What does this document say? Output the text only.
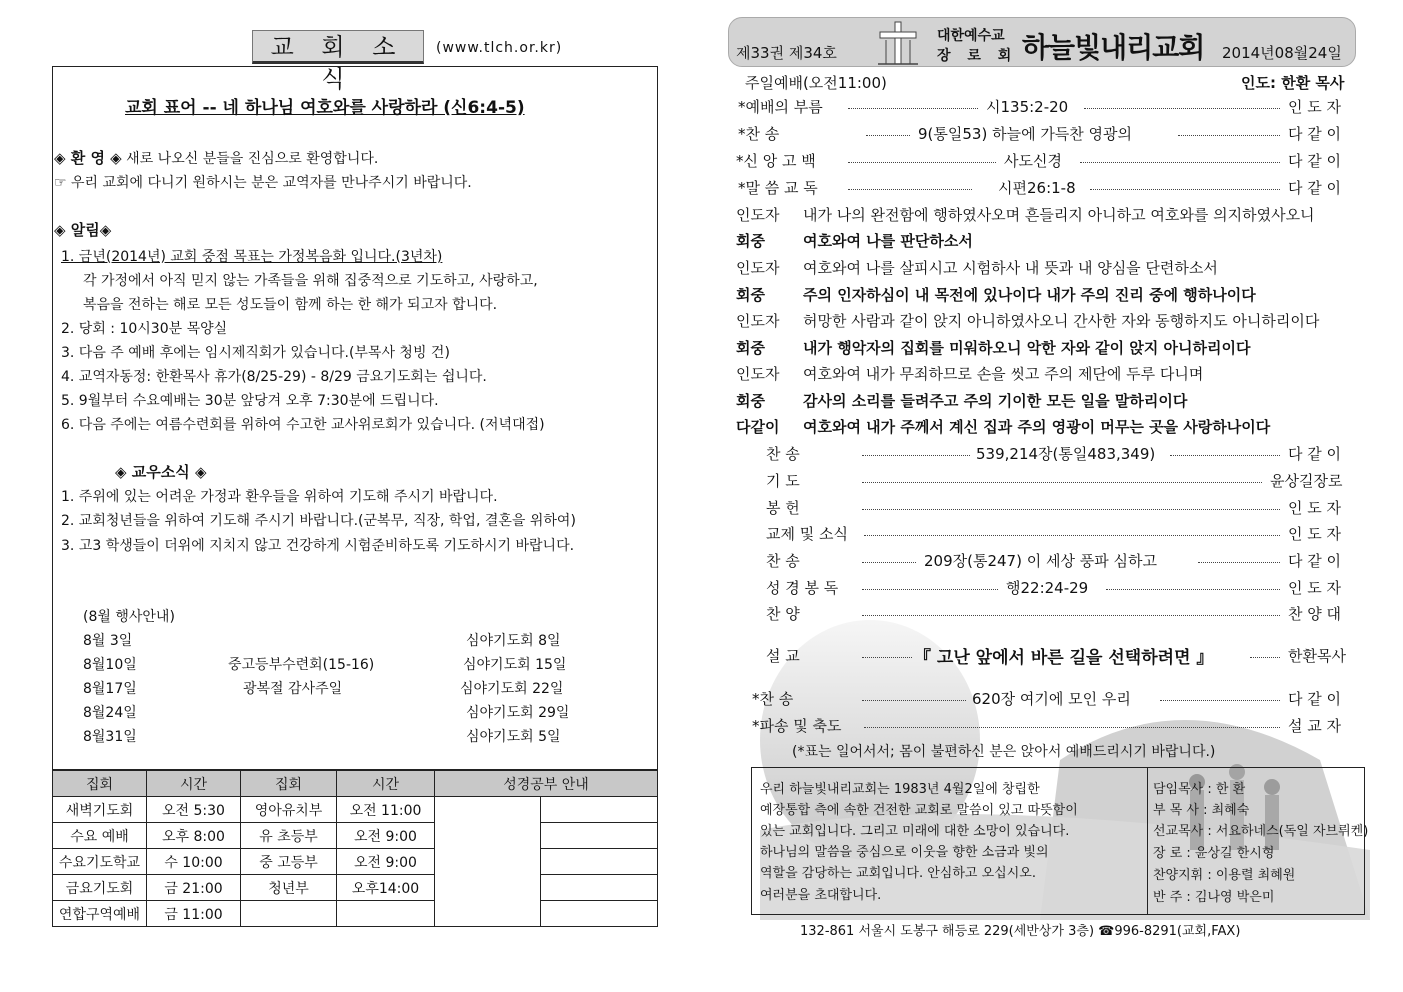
교 회 소 식
(www.tlch.or.kr)
교회 표어 -- 네 하나님 여호와를 사랑하라 (신6:4-5)
◈ 환 영 ◈ 새로 나오신 분들을 진심으로 환영합니다.
☞ 우리 교회에 다니기 원하시는 분은 교역자를 만나주시기 바랍니다.
◈ 알림◈
1. 금년(2014년) 교회 중점 목표는 가정복음화 입니다.(3년차)
각 가정에서 아직 믿지 않는 가족들을 위해 집중적으로 기도하고, 사랑하고,
복음을 전하는 해로 모든 성도들이 함께 하는 한 해가 되고자 합니다.
2. 당회 : 10시30분 목양실
3. 다음 주 예배 후에는 임시제직회가 있습니다.(부목사 청빙 건)
4. 교역자동정: 한환목사 휴가(8/25-29) - 8/29 금요기도회는 쉽니다.
5. 9월부터 수요예배는 30분 앞당겨 오후 7:30분에 드립니다.
6. 다음 주에는 여름수련회를 위하여 수고한 교사위로회가 있습니다. (저녁대접)
◈ 교우소식 ◈
1. 주위에 있는 어려운 가정과 환우들을 위하여 기도해 주시기 바랍니다.
2. 교회청년들을 위하여 기도해 주시기 바랍니다.(군복무, 직장, 학업, 결혼을 위하여)
3. 고3 학생들이 더위에 지치지 않고 건강하게 시험준비하도록 기도하시기 바랍니다.
(8월 행사안내)
8월 3일	심야기도회 8일
8월10일	중고등부수련회(15-16)	심야기도회 15일
8월17일	광복절 감사주일	심야기도회 22일
8월24일	심야기도회 29일
8월31일	심야기도회 5일
집회	시간	집회	시간	성경공부 안내	
새벽기도회	오전 5:30	영아유치부	오전 11:00		
수요 예배	오후 8:00	유 초등부	오전 9:00		
수요기도학교	수 10:00	중 고등부	오전 9:00		
금요기도회	금 21:00	청년부	오후14:00		
연합구역예배	금 11:00				
제33권 제34호
대한예수교
장 로 회 하늘빛내리교회 2014년08월24일
주일예배(오전11:00)	인도: 한환 목사
*예배의 부름	시135:2-20	인 도 자
*찬 송	9(통일53) 하늘에 가득찬 영광의	다 같 이
*신 앙 고 백	사도신경	다 같 이
*말 씀 교 독	시편26:1-8	다 같 이
인도자 내가 나의 완전함에 행하였사오며 흔들리지 아니하고 여호와를 의지하였사오니
회중	여호와여 나를 판단하소서
인도자 여호와여 나를 살피시고 시험하사 내 뜻과 내 양심을 단련하소서
회중	주의 인자하심이 내 목전에 있나이다 내가 주의 진리 중에 행하나이다
인도자 허망한 사람과 같이 앉지 아니하였사오니 간사한 자와 동행하지도 아니하리이다
회중	내가 행악자의 집회를 미워하오니 악한 자와 같이 앉지 아니하리이다
인도자 여호와여 내가 무죄하므로 손을 씻고 주의 제단에 두루 다니며
회중	감사의 소리를 들려주고 주의 기이한 모든 일을 말하리이다
다같이 여호와여 내가 주께서 계신 집과 주의 영광이 머무는 곳을 사랑하나이다
찬 송	539,214장(통일483,349)	다 같 이
기 도	윤상길장로
봉 헌	인 도 자
교제 및 소식	인 도 자
찬 송	209장(통247) 이 세상 풍파 심하고	다 같 이
성 경 봉 독	행22:24-29	인 도 자
찬 양	찬 양 대
설 교	『 고난 앞에서 바른 길을 선택하려면 』	한환목사
*찬 송	620장 여기에 모인 우리	다 같 이
*파송 및 축도	설 교 자
(*표는 일어서서; 몸이 불편하신 분은 앉아서 예배드리시기 바랍니다.)
우리 하늘빛내리교회는 1983년 4월2일에 창립한
예장통합 측에 속한 건전한 교회로 말씀이 있고 따뜻함이
있는 교회입니다. 그리고 미래에 대한 소망이 있습니다.
하나님의 말씀을 중심으로 이웃을 향한 소금과 빛의
역할을 감당하는 교회입니다. 안심하고 오십시오.
여러분을 초대합니다.
담임목사 : 한 환
부 목 사 : 최혜숙
선교목사 : 서요하네스(독일 자브뤼켄)
장 로 : 윤상길 한시형
찬양지휘 : 이용렬 최혜원
반 주 : 김나영 박은미
132-861 서울시 도봉구 해등로 229(세반상가 3층) ☎996-8291(교회,FAX)
